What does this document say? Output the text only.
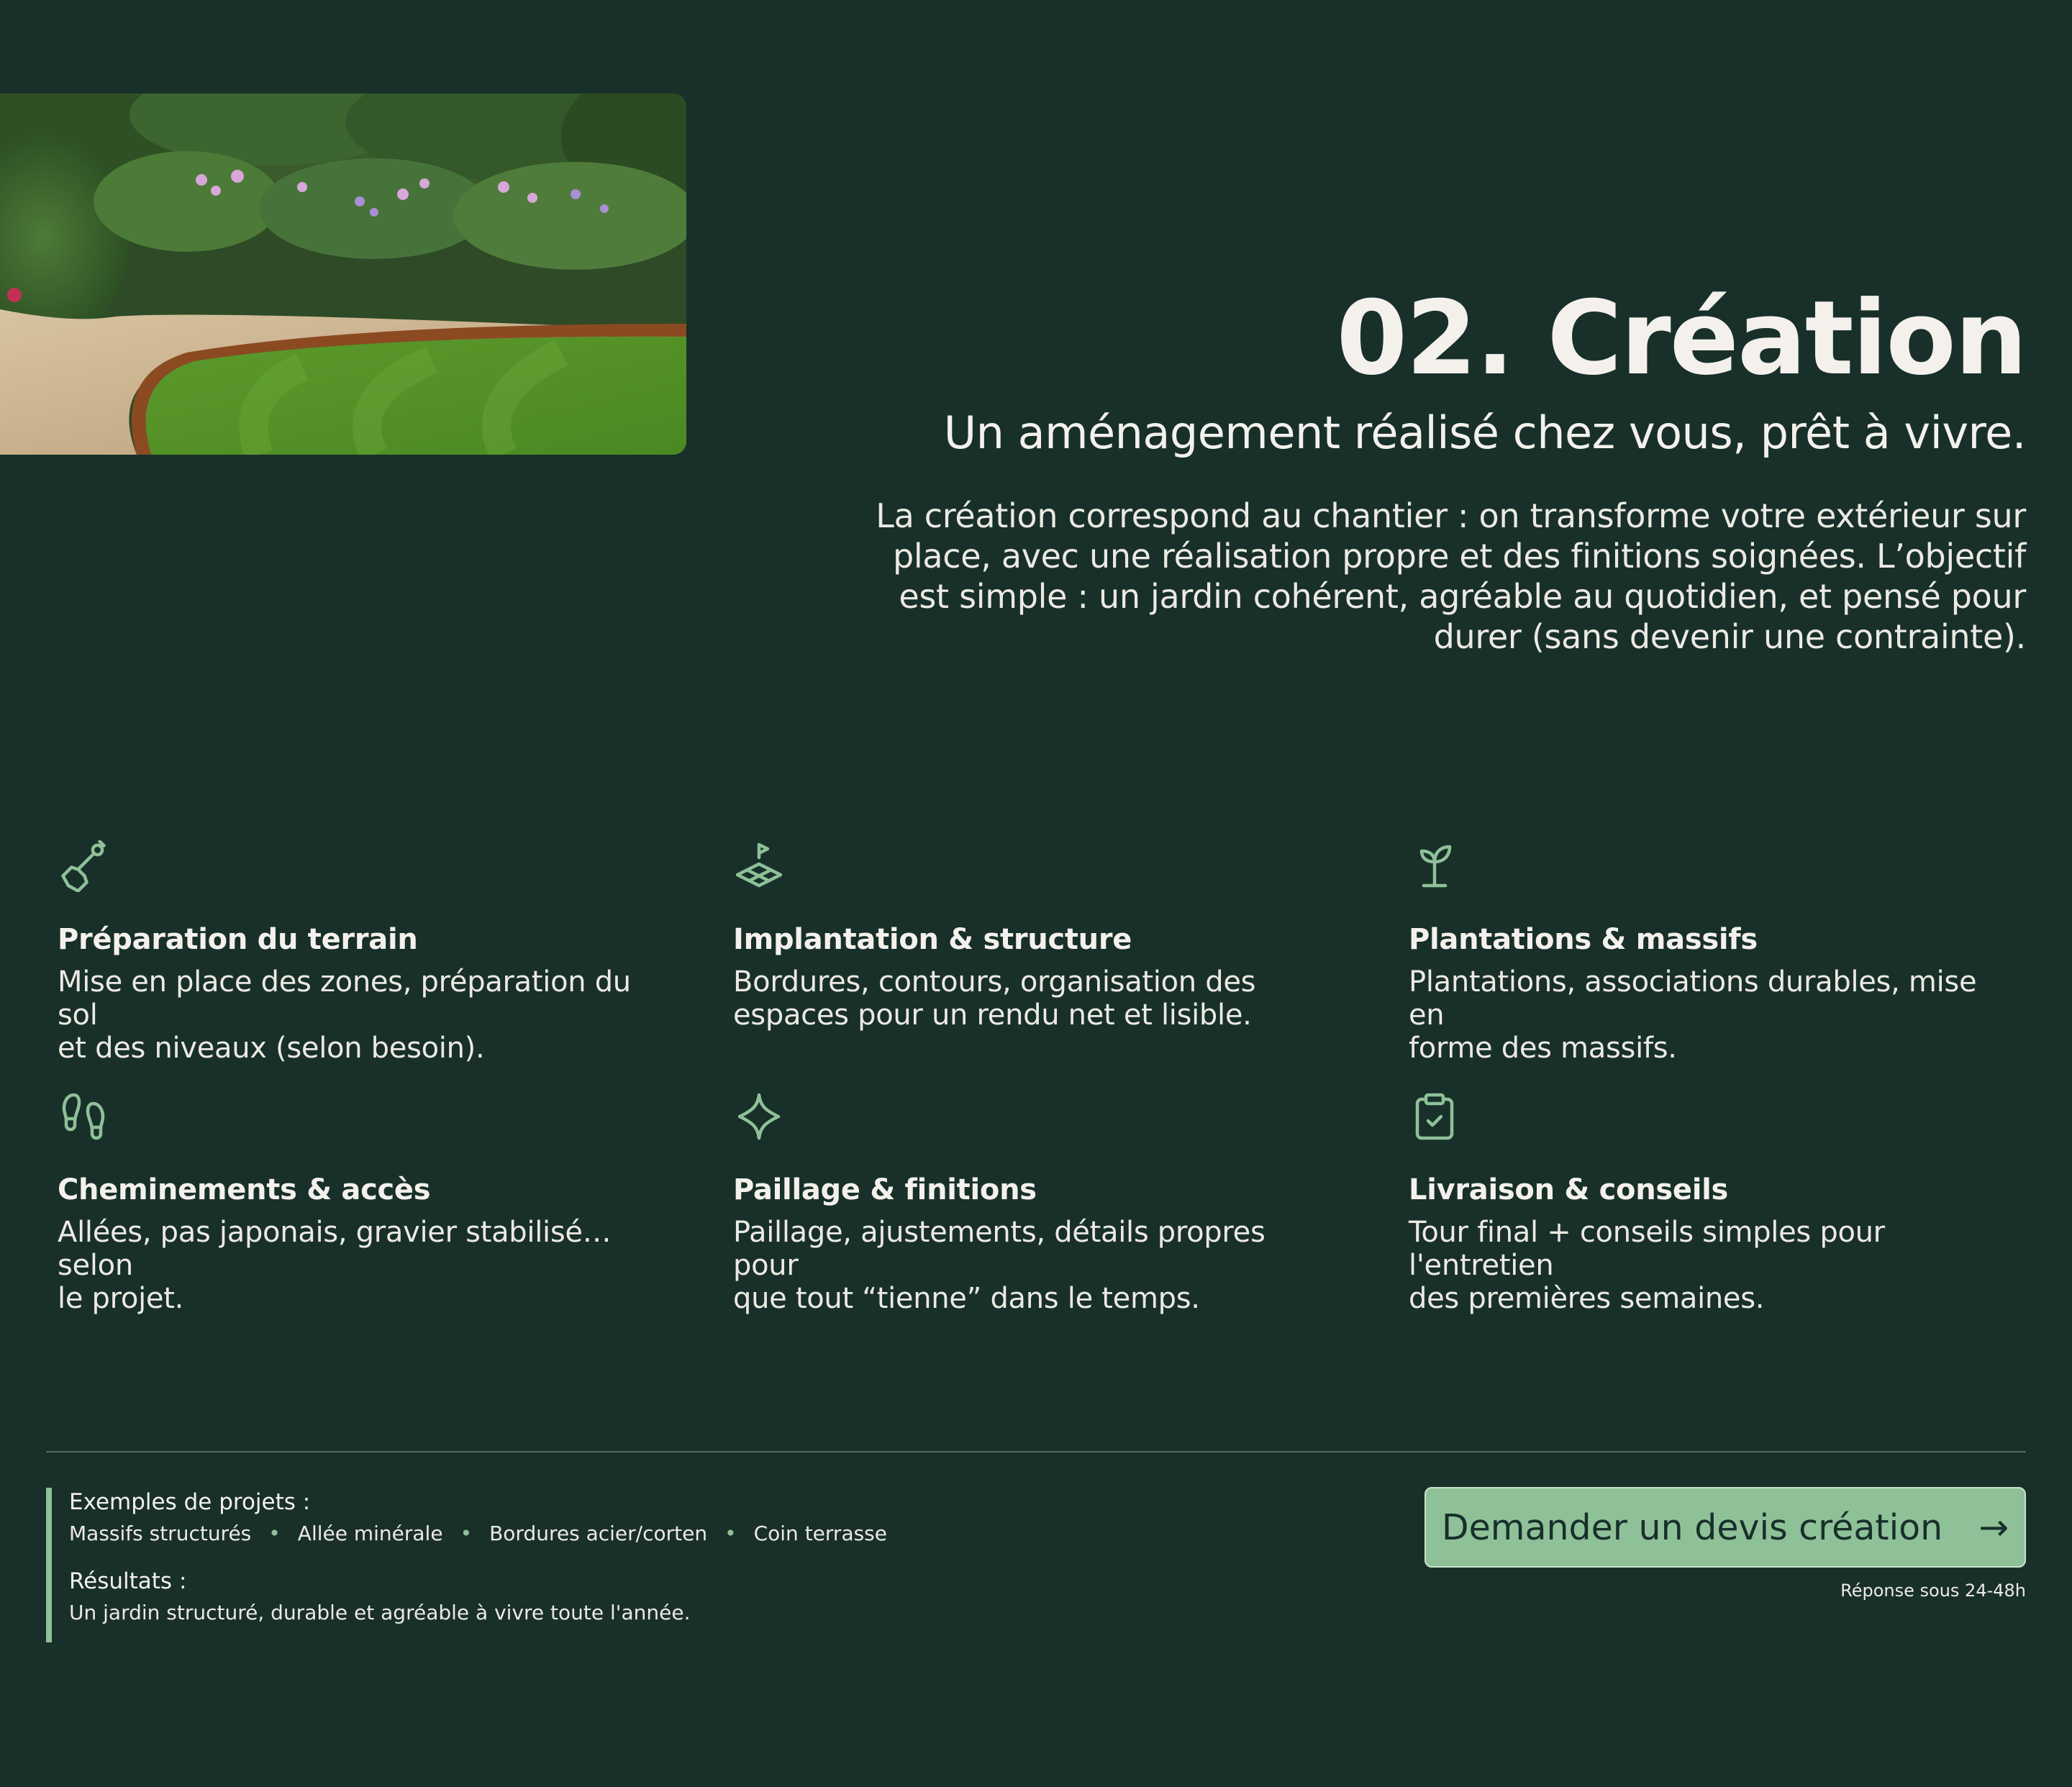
02. Création
Un aménagement réalisé chez vous, prêt à vivre.

La création correspond au chantier : on transforme votre extérieur sur
place, avec une réalisation propre et des finitions soignées. L’objectif
est simple : un jardin cohérent, agréable au quotidien, et pensé pour
durer (sans devenir une contrainte).

Préparation du terrain
Mise en place des zones, préparation du sol
et des niveaux (selon besoin).
Implantation & structure
Bordures, contours, organisation des
espaces pour un rendu net et lisible.
Plantations & massifs
Plantations, associations durables, mise en
forme des massifs.
Cheminements & accès
Allées, pas japonais, gravier stabilisé… selon
le projet.
Paillage & finitions
Paillage, ajustements, détails propres pour
que tout “tienne” dans le temps.
Livraison & conseils
Tour final + conseils simples pour l'entretien
des premières semaines.

Exemples de projets :

Massifs structurés • Allée minérale • Bordures acier/corten • Coin terrasse

Résultats :

Un jardin structuré, durable et agréable à vivre toute l'année.
Demander un devis création →
Réponse sous 24-48h
